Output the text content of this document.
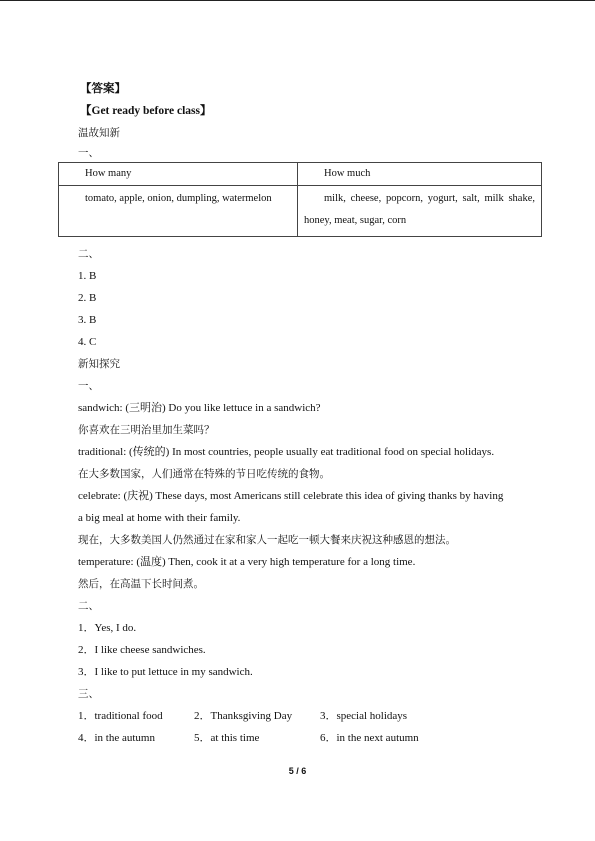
【答案】
【Get ready before class】
温故知新
一、
How many	How much

tomato, apple, onion, dumpling, watermelon	milk, cheese, popcorn, yogurt, salt, milk shake, honey, meat, sugar, corn
二、
1. B
2. B
3. B
4. C
新知探究
一、
sandwich: (三明治) Do you like lettuce in a sandwich?
你喜欢在三明治里加生菜吗？
traditional: (传统的) In most countries, people usually eat traditional food on special holidays.
在大多数国家，人们通常在特殊的节日吃传统的食物。
celebrate: (庆祝) These days, most Americans still celebrate this idea of giving thanks by having
a big meal at home with their family.
现在，大多数美国人仍然通过在家和家人一起吃一顿大餐来庆祝这种感恩的想法。
temperature: (温度) Then, cook it at a very high temperature for a long time.
然后，在高温下长时间煮。
二、
1．Yes, I do.
2．I like cheese sandwiches.
3．I like to put lettuce in my sandwich.
三、
1．traditional food	2．Thanksgiving Day	3．special holidays
4．in the autumn	5．at this time	6．in the next autumn
5 / 6
